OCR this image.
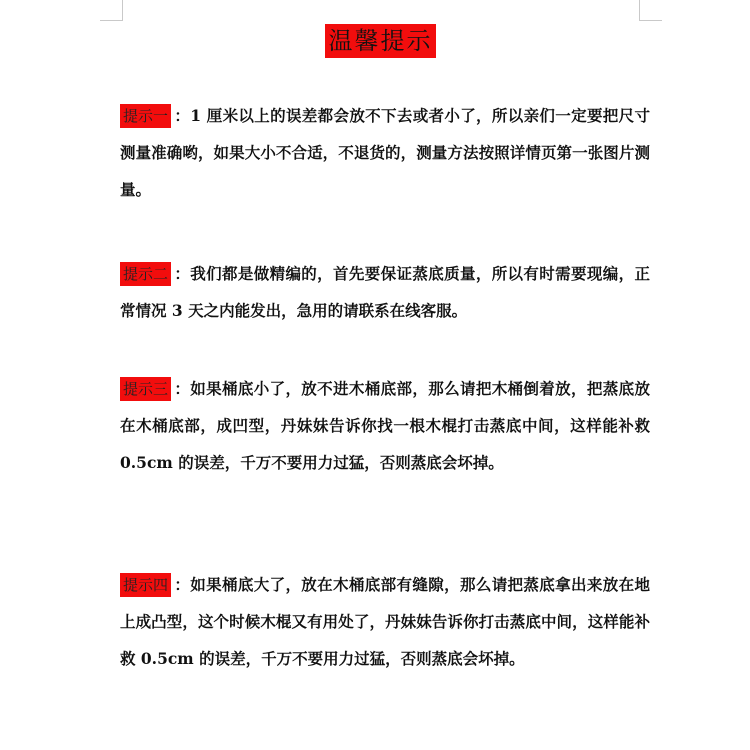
温馨提示
提示一 ：1 厘米以上的误差都会放不下去或者小了，所以亲们一定要把尺寸测量准确哟，如果大小不合适，不退货的，测量方法按照详情页第一张图片测量。
提示二 ：我们都是做精编的，首先要保证蒸底质量，所以有时需要现编，正常情况 3 天之内能发出，急用的请联系在线客服。
提示三 ：如果桶底小了，放不进木桶底部，那么请把木桶倒着放，把蒸底放在木桶底部，成凹型，丹妹妹告诉你找一根木棍打击蒸底中间，这样能补救 0.5cm 的误差，千万不要用力过猛，否则蒸底会坏掉。
提示四 ：如果桶底大了，放在木桶底部有缝隙，那么请把蒸底拿出来放在地上成凸型，这个时候木棍又有用处了，丹妹妹告诉你打击蒸底中间，这样能补救 0.5cm 的误差，千万不要用力过猛，否则蒸底会坏掉。
